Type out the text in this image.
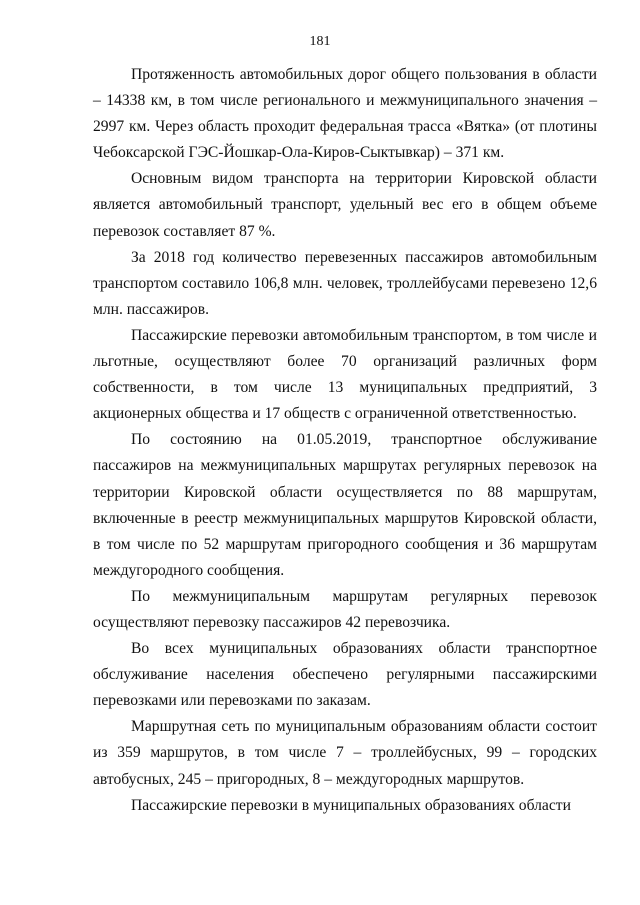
181

Протяженность автомобильных дорог общего пользования в области – 14338 км, в том числе регионального и межмуниципального значения – 2997 км. Через область проходит федеральная трасса «Вятка» (от плотины Чебоксарской ГЭС-Йошкар-Ола-Киров-Сыктывкар) – 371 км.

Основным видом транспорта на территории Кировской области является автомобильный транспорт, удельный вес его в общем объеме перевозок составляет 87 %.

За 2018 год количество перевезенных пассажиров автомобильным транспортом составило 106,8 млн. человек, троллейбусами перевезено 12,6 млн. пассажиров.

Пассажирские перевозки автомобильным транспортом, в том числе и льготные, осуществляют более 70 организаций различных форм собственности, в том числе 13 муниципальных предприятий, 3 акционерных общества и 17 обществ с ограниченной ответственностью.

По состоянию на 01.05.2019, транспортное обслуживание пассажиров на межмуниципальных маршрутах регулярных перевозок на территории Кировской области осуществляется по 88 маршрутам, включенные в реестр межмуниципальных маршрутов Кировской области, в том числе по 52 маршрутам пригородного сообщения и 36 маршрутам междугородного сообщения.

По межмуниципальным маршрутам регулярных перевозок осуществляют перевозку пассажиров 42 перевозчика.

Во всех муниципальных образованиях области транспортное обслуживание населения обеспечено регулярными пассажирскими перевозками или перевозками по заказам.

Маршрутная сеть по муниципальным образованиям области состоит из 359 маршрутов, в том числе 7 – троллейбусных, 99 – городских автобусных, 245 – пригородных, 8 – междугородных маршрутов.

Пассажирские перевозки в муниципальных образованиях области
